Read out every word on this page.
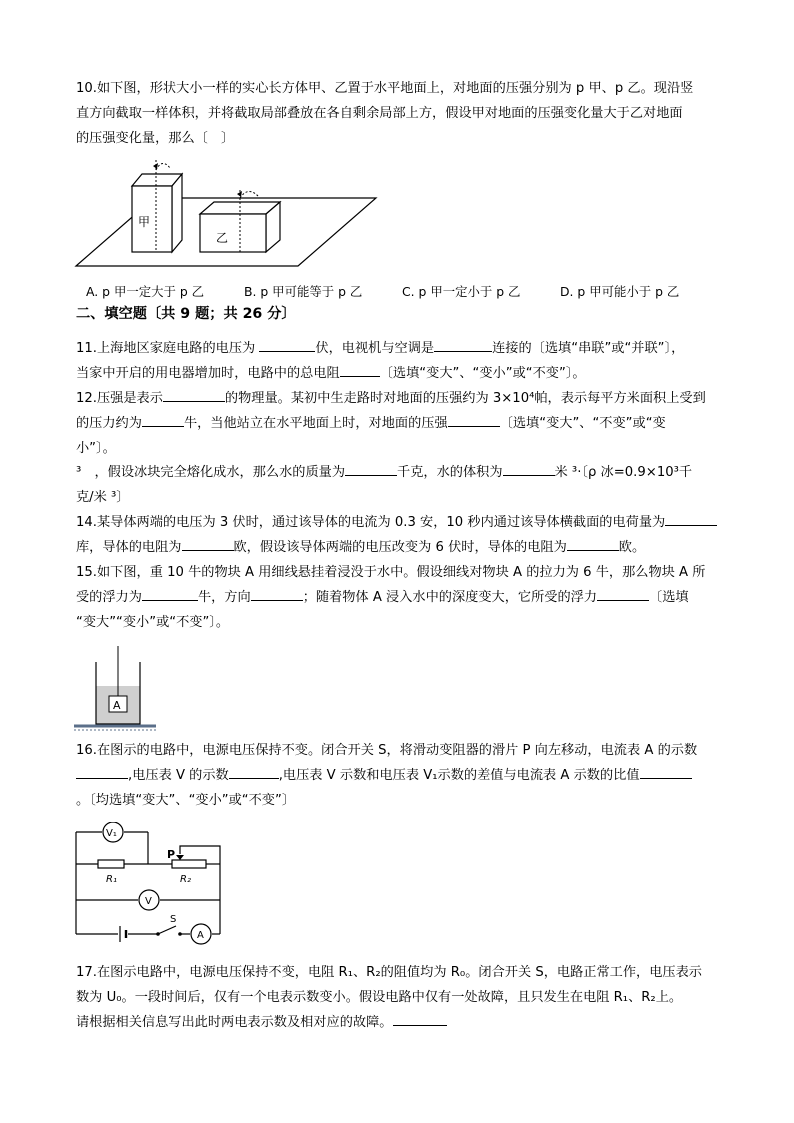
10.如下图，形状大小一样的实心长方体甲、乙置于水平地面上，对地面的压强分别为 p 甲、p 乙。现沿竖
直方向截取一样体积，并将截取局部叠放在各自剩余局部上方，假设甲对地面的压强变化量大于乙对地面
的压强变化量，那么〔　〕
甲
乙
A. p 甲一定大于 p 乙	B. p 甲可能等于 p 乙	C. p 甲一定小于 p 乙	D. p 甲可能小于 p 乙
二、填空题〔共 9 题；共 26 分〕
11.上海地区家庭电路的电压为	伏，电视机与空调是	连接的〔选填“串联”或“并联”〕，
当家中开启的用电器增加时，电路中的总电阻	〔选填“变大”、“变小”或“不变”〕。
12.压强是表示	的物理量。某初中生走路时对地面的压强约为 3×10⁴帕，表示每平方米面积上受到
的压力约为	牛，当他站立在水平地面上时，对地面的压强	〔选填“变大”、“不变”或“变
小”〕。
³　，假设冰块完全熔化成水，那么水的质量为	千克，水的体积为	米 ³·〔ρ 冰=0.9×10³千
克/米 ³〕
14.某导体两端的电压为 3 伏时，通过该导体的电流为 0.3 安，10 秒内通过该导体横截面的电荷量为
库，导体的电阻为	欧，假设该导体两端的电压改变为 6 伏时，导体的电阻为	欧。
15.如下图，重 10 牛的物块 A 用细线悬挂着浸没于水中。假设细线对物块 A 的拉力为 6 牛，那么物块 A 所
受的浮力为	牛，方向	；随着物体 A 浸入水中的深度变大，它所受的浮力	〔选填
“变大”“变小”或“不变”〕。
A
16.在图示的电路中，电源电压保持不变。闭合开关 S，将滑动变阻器的滑片 P 向左移动，电流表 A 的示数
,电压表 V 的示数	,电压表 V 示数和电压表 V₁示数的差值与电流表 A 示数的比值
。〔均选填“变大”、“变小”或“不变”〕
V₁
V
A
R₁	R₂
P
S
17.在图示电路中，电源电压保持不变，电阻 R₁、R₂的阻值均为 R₀。闭合开关 S，电路正常工作，电压表示
数为 U₀。一段时间后，仅有一个电表示数变小。假设电路中仅有一处故障，且只发生在电阻 R₁、R₂上。
请根据相关信息写出此时两电表示数及相对应的故障。
